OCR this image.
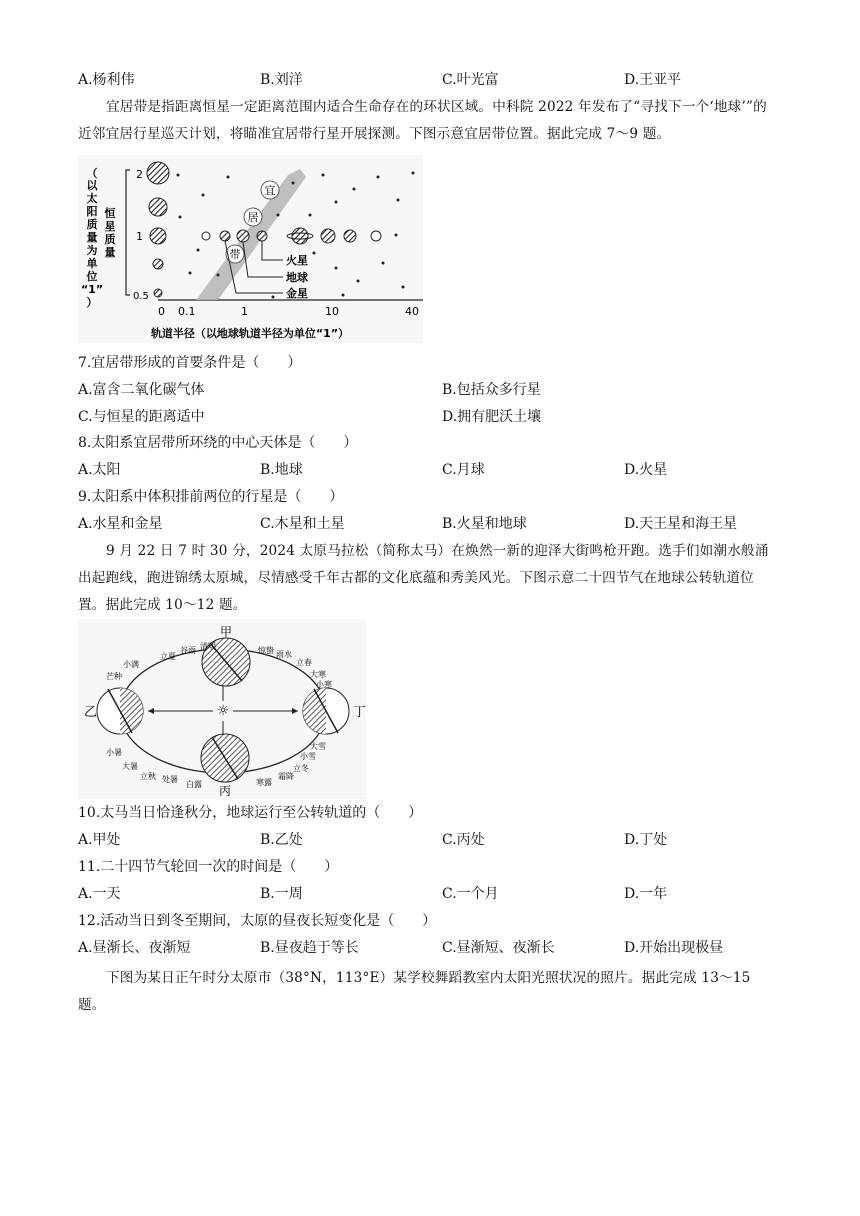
A.杨利伟	B.刘洋	C.叶光富	D.王亚平
宜居带是指距离恒星一定距离范围内适合生命存在的环状区域。中科院 2022 年发布了“寻找下一个‘地球’”的近邻宜居行星巡天计划，将瞄准宜居带行星开展探测。下图示意宜居带位置。据此完成 7～9 题。
（
以
太
阳
质
量
为
单
位
“1”
）
恒
星
质
量
2
1
0.5
0 0.1	1	10	40
宜
居
带	火星
地球
金星
轨道半径（以地球轨道半径为单位“1”）
7.宜居带形成的首要条件是（　　）
A.富含二氧化碳气体	B.包括众多行星
C.与恒星的距离适中	D.拥有肥沃土壤
8.太阳系宜居带所环绕的中心天体是（　　）
A.太阳	B.地球	C.月球	D.火星
9.太阳系中体积排前两位的行星是（　　）
A.水星和金星	C.木星和土星	B.火星和地球	D.天王星和海王星
9 月 22 日 7 时 30 分，2024 太原马拉松（简称太马）在焕然一新的迎泽大街鸣枪开跑。选手们如潮水般涌出起跑线，跑进锦绣太原城，尽情感受千年古都的文化底蕴和秀美风光。下图示意二十四节气在地球公转轨道位置。据此完成 10～12 题。
☼
甲
乙
丙
丁
立夏
谷雨 清明	惊蛰 雨水
立春
小满
芒种
小暑
大暑
立秋 处暑
白露	寒露
霜降
立冬
大寒
小寒
大雪
小雪
10.太马当日恰逢秋分，地球运行至公转轨道的（　　）
A.甲处	B.乙处	C.丙处	D.丁处
11.二十四节气轮回一次的时间是（　　）
A.一天	B.一周	C.一个月	D.一年
12.活动当日到冬至期间，太原的昼夜长短变化是（　　）
A.昼渐长、夜渐短	B.昼夜趋于等长	C.昼渐短、夜渐长	D.开始出现极昼
下图为某日正午时分太原市（38°N，113°E）某学校舞蹈教室内太阳光照状况的照片。据此完成 13～15 题。
